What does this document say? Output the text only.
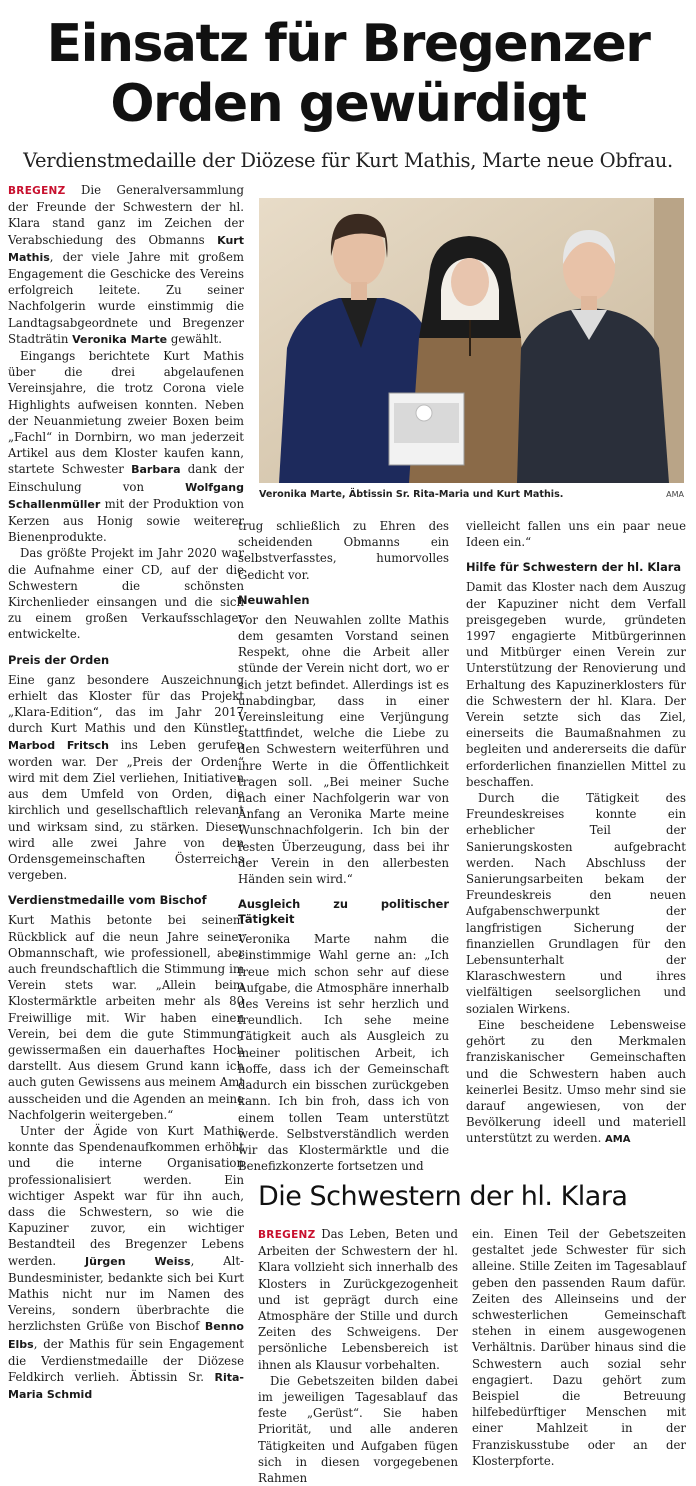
Einsatz für Bregenzer
Orden gewürdigt
Verdienstmedaille der Diözese für Kurt Mathis, Marte neue Obfrau.
Veronika Marte, Äbtissin Sr. Rita-Maria und Kurt Mathis.	AMA

BREGENZ Die Generalversammlung der Freunde der Schwestern der hl. Klara stand ganz im Zeichen der Verabschiedung des Obmanns Kurt Mathis, der viele Jahre mit großem Engagement die Geschicke des Vereins erfolgreich leitete. Zu seiner Nachfolgerin wurde einstimmig die Landtagsabgeordnete und Bregenzer Stadträtin Veronika Marte gewählt.

Eingangs berichtete Kurt Mathis über die drei abgelaufenen Vereinsjahre, die trotz Corona viele Highlights aufweisen konnten. Neben der Neuanmietung zweier Boxen beim „Fachl“ in Dornbirn, wo man jederzeit Artikel aus dem Kloster kaufen kann, startete Schwester Barbara dank der Einschulung von Wolfgang Schallenmüller mit der Produktion von Kerzen aus Honig sowie weiterer Bienenprodukte.

Das größte Projekt im Jahr 2020 war die Aufnahme einer CD, auf der die Schwestern die schönsten Kirchenlieder einsangen und die sich zu einem großen Verkaufsschlager entwickelte.

Preis der Orden

Eine ganz besondere Auszeichnung erhielt das Kloster für das Projekt „Klara-Edition“, das im Jahr 2017 durch Kurt Mathis und den Künstler Marbod Fritsch ins Leben gerufen worden war. Der „Preis der Orden“ wird mit dem Ziel verliehen, Initiativen aus dem Umfeld von Orden, die kirchlich und gesellschaftlich relevant und wirksam sind, zu stärken. Dieser wird alle zwei Jahre von den Ordensgemeinschaften Österreichs vergeben.

Verdienstmedaille vom Bischof

Kurt Mathis betonte bei seinem Rückblick auf die neun Jahre seiner Obmannschaft, wie professionell, aber auch freundschaftlich die Stimmung im Verein stets war. „Allein beim Klostermärktle arbeiten mehr als 80 Freiwillige mit. Wir haben einen Verein, bei dem die gute Stimmung gewissermaßen ein dauerhaftes Hoch darstellt. Aus diesem Grund kann ich auch guten Gewissens aus meinem Amt ausscheiden und die Agenden an meine Nachfolgerin weitergeben.“

Unter der Ägide von Kurt Mathis konnte das Spendenaufkommen erhöht und die interne Organisation professionalisiert werden. Ein wichtiger Aspekt war für ihn auch, dass die Schwestern, so wie die Kapuziner zuvor, ein wichtiger Bestandteil des Bregenzer Lebens werden. Jürgen Weiss, Alt-Bundesminister, bedankte sich bei Kurt Mathis nicht nur im Namen des Vereins, sondern überbrachte die herzlichsten Grüße von Bischof Benno Elbs, der Mathis für sein Engagement die Verdienstmedaille der Diözese Feldkirch verlieh. Äbtissin Sr. Rita-Maria Schmid

trug schließlich zu Ehren des scheidenden Obmanns ein selbstverfasstes, humorvolles Gedicht vor.

Neuwahlen

Vor den Neuwahlen zollte Mathis dem gesamten Vorstand seinen Respekt, ohne die Arbeit aller stünde der Verein nicht dort, wo er sich jetzt befindet. Allerdings ist es unabdingbar, dass in einer Vereinsleitung eine Verjüngung stattfindet, welche die Liebe zu den Schwestern weiterführen und ihre Werte in die Öffentlichkeit tragen soll. „Bei meiner Suche nach einer Nachfolgerin war von Anfang an Veronika Marte meine Wunschnachfolgerin. Ich bin der festen Überzeugung, dass bei ihr der Verein in den allerbesten Händen sein wird.“

Ausgleich zu politischer Tätigkeit

Veronika Marte nahm die einstimmige Wahl gerne an: „Ich freue mich schon sehr auf diese Aufgabe, die Atmosphäre innerhalb des Vereins ist sehr herzlich und freundlich. Ich sehe meine Tätigkeit auch als Ausgleich zu meiner politischen Arbeit, ich hoffe, dass ich der Gemeinschaft dadurch ein bisschen zurückgeben kann. Ich bin froh, dass ich von einem tollen Team unterstützt werde. Selbstverständlich werden wir das Klostermärktle und die Benefizkonzerte fortsetzen und

vielleicht fallen uns ein paar neue Ideen ein.“

Hilfe für Schwestern der hl. Klara

Damit das Kloster nach dem Auszug der Kapuziner nicht dem Verfall preisgegeben wurde, gründeten 1997 engagierte Mitbürgerinnen und Mitbürger einen Verein zur Unterstützung der Renovierung und Erhaltung des Kapuzinerklosters für die Schwestern der hl. Klara. Der Verein setzte sich das Ziel, einerseits die Baumaßnahmen zu begleiten und andererseits die dafür erforderlichen finanziellen Mittel zu beschaffen.

Durch die Tätigkeit des Freundeskreises konnte ein erheblicher Teil der Sanierungskosten aufgebracht werden. Nach Abschluss der Sanierungsarbeiten bekam der Freundeskreis den neuen Aufgabenschwerpunkt der langfristigen Sicherung der finanziellen Grundlagen für den Lebensunterhalt der Klaraschwestern und ihres vielfältigen seelsorglichen und sozialen Wirkens.

Eine bescheidene Lebensweise gehört zu den Merkmalen franziskanischer Gemeinschaften und die Schwestern haben auch keinerlei Besitz. Umso mehr sind sie darauf angewiesen, von der Bevölkerung ideell und materiell unterstützt zu werden. AMA

Die Schwestern der hl. Klara

BREGENZ Das Leben, Beten und Arbeiten der Schwestern der hl. Klara vollzieht sich innerhalb des Klosters in Zurückgezogenheit und ist geprägt durch eine Atmosphäre der Stille und durch Zeiten des Schweigens. Der persönliche Lebensbereich ist ihnen als Klausur vorbehalten.

Die Gebetszeiten bilden dabei im jeweiligen Tagesablauf das feste „Gerüst“. Sie haben Priorität, und alle anderen Tätigkeiten und Aufgaben fügen sich in diesen vorgegebenen Rahmen

ein. Einen Teil der Gebetszeiten gestaltet jede Schwester für sich alleine. Stille Zeiten im Tagesablauf geben den passenden Raum dafür. Zeiten des Alleinseins und der schwesterlichen Gemeinschaft stehen in einem ausgewogenen Verhältnis. Darüber hinaus sind die Schwestern auch sozial sehr engagiert. Dazu gehört zum Beispiel die Betreuung hilfebedürftiger Menschen mit einer Mahlzeit in der Franziskusstube oder an der Klosterpforte.
